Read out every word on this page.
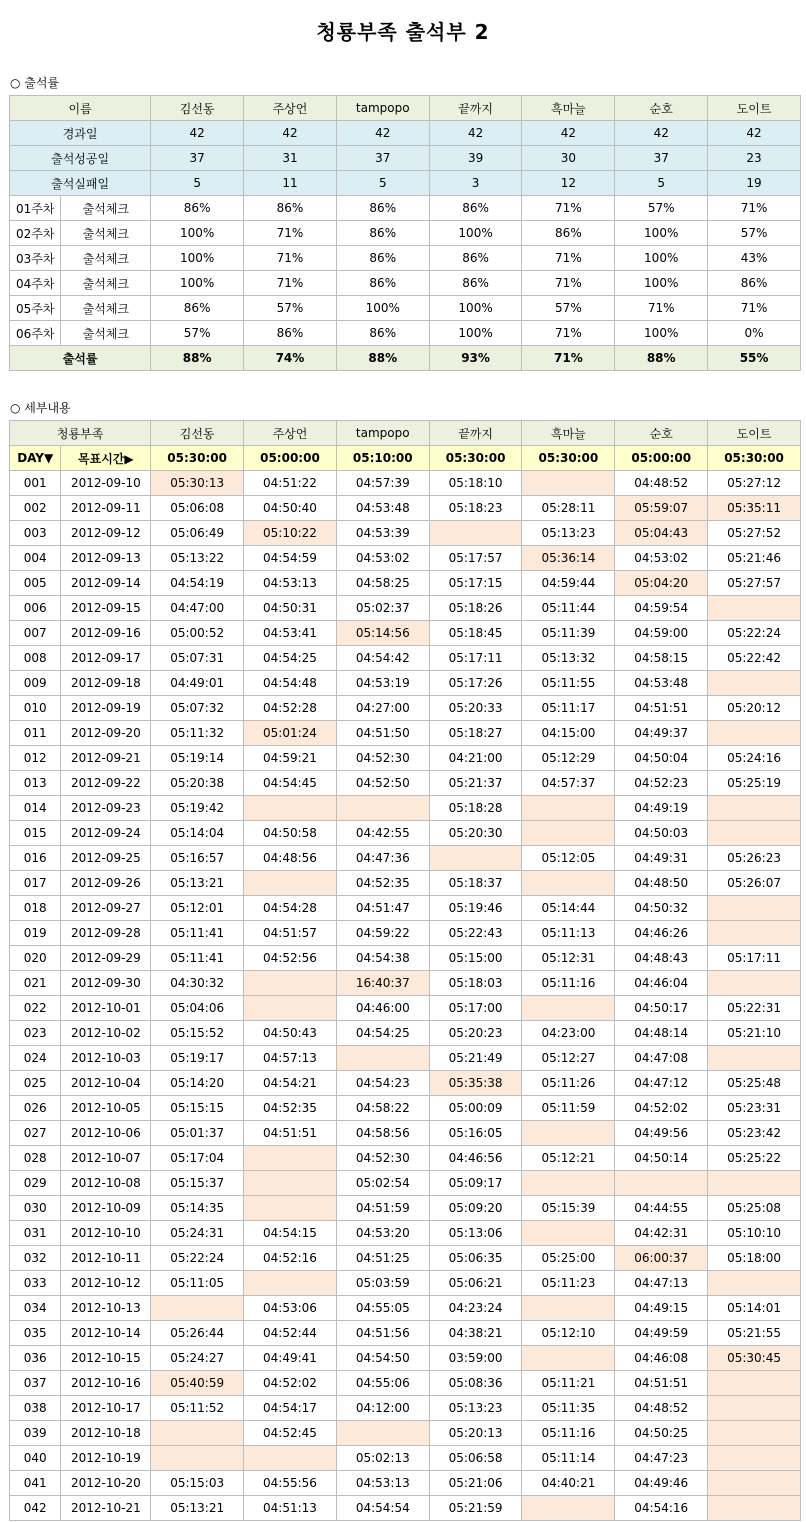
청룡부족 출석부 2
○ 출석률
이름		김선동	주상언	tampopo	끝까지	흑마늘	순호	도이트
경과일		42	42	42	42	42	42	42
출석성공일		37	31	37	39	30	37	23
출석실패일		5	11	5	3	12	5	19
01주차	출석체크	86%	86%	86%	86%	71%	57%	71%
02주차	출석체크	100%	71%	86%	100%	86%	100%	57%
03주차	출석체크	100%	71%	86%	86%	71%	100%	43%
04주차	출석체크	100%	71%	86%	86%	71%	100%	86%
05주차	출석체크	86%	57%	100%	100%	57%	71%	71%
06주차	출석체크	57%	86%	86%	100%	71%	100%	0%
출석률		88%	74%	88%	93%	71%	88%	55%
○ 세부내용
청룡부족		김선동	주상언	tampopo	끝까지	흑마늘	순호	도이트
DAY▼	목표시간▶	05:30:00	05:00:00	05:10:00	05:30:00	05:30:00	05:00:00	05:30:00
001	2012-09-10	05:30:13	04:51:22	04:57:39	05:18:10		04:48:52	05:27:12
002	2012-09-11	05:06:08	04:50:40	04:53:48	05:18:23	05:28:11	05:59:07	05:35:11
003	2012-09-12	05:06:49	05:10:22	04:53:39		05:13:23	05:04:43	05:27:52
004	2012-09-13	05:13:22	04:54:59	04:53:02	05:17:57	05:36:14	04:53:02	05:21:46
005	2012-09-14	04:54:19	04:53:13	04:58:25	05:17:15	04:59:44	05:04:20	05:27:57
006	2012-09-15	04:47:00	04:50:31	05:02:37	05:18:26	05:11:44	04:59:54	
007	2012-09-16	05:00:52	04:53:41	05:14:56	05:18:45	05:11:39	04:59:00	05:22:24
008	2012-09-17	05:07:31	04:54:25	04:54:42	05:17:11	05:13:32	04:58:15	05:22:42
009	2012-09-18	04:49:01	04:54:48	04:53:19	05:17:26	05:11:55	04:53:48	
010	2012-09-19	05:07:32	04:52:28	04:27:00	05:20:33	05:11:17	04:51:51	05:20:12
011	2012-09-20	05:11:32	05:01:24	04:51:50	05:18:27	04:15:00	04:49:37	
012	2012-09-21	05:19:14	04:59:21	04:52:30	04:21:00	05:12:29	04:50:04	05:24:16
013	2012-09-22	05:20:38	04:54:45	04:52:50	05:21:37	04:57:37	04:52:23	05:25:19
014	2012-09-23	05:19:42			05:18:28		04:49:19	
015	2012-09-24	05:14:04	04:50:58	04:42:55	05:20:30		04:50:03	
016	2012-09-25	05:16:57	04:48:56	04:47:36		05:12:05	04:49:31	05:26:23
017	2012-09-26	05:13:21		04:52:35	05:18:37		04:48:50	05:26:07
018	2012-09-27	05:12:01	04:54:28	04:51:47	05:19:46	05:14:44	04:50:32	
019	2012-09-28	05:11:41	04:51:57	04:59:22	05:22:43	05:11:13	04:46:26	
020	2012-09-29	05:11:41	04:52:56	04:54:38	05:15:00	05:12:31	04:48:43	05:17:11
021	2012-09-30	04:30:32		16:40:37	05:18:03	05:11:16	04:46:04	
022	2012-10-01	05:04:06		04:46:00	05:17:00		04:50:17	05:22:31
023	2012-10-02	05:15:52	04:50:43	04:54:25	05:20:23	04:23:00	04:48:14	05:21:10
024	2012-10-03	05:19:17	04:57:13		05:21:49	05:12:27	04:47:08	
025	2012-10-04	05:14:20	04:54:21	04:54:23	05:35:38	05:11:26	04:47:12	05:25:48
026	2012-10-05	05:15:15	04:52:35	04:58:22	05:00:09	05:11:59	04:52:02	05:23:31
027	2012-10-06	05:01:37	04:51:51	04:58:56	05:16:05		04:49:56	05:23:42
028	2012-10-07	05:17:04		04:52:30	04:46:56	05:12:21	04:50:14	05:25:22
029	2012-10-08	05:15:37		05:02:54	05:09:17			
030	2012-10-09	05:14:35		04:51:59	05:09:20	05:15:39	04:44:55	05:25:08
031	2012-10-10	05:24:31	04:54:15	04:53:20	05:13:06		04:42:31	05:10:10
032	2012-10-11	05:22:24	04:52:16	04:51:25	05:06:35	05:25:00	06:00:37	05:18:00
033	2012-10-12	05:11:05		05:03:59	05:06:21	05:11:23	04:47:13	
034	2012-10-13		04:53:06	04:55:05	04:23:24		04:49:15	05:14:01
035	2012-10-14	05:26:44	04:52:44	04:51:56	04:38:21	05:12:10	04:49:59	05:21:55
036	2012-10-15	05:24:27	04:49:41	04:54:50	03:59:00		04:46:08	05:30:45
037	2012-10-16	05:40:59	04:52:02	04:55:06	05:08:36	05:11:21	04:51:51	
038	2012-10-17	05:11:52	04:54:17	04:12:00	05:13:23	05:11:35	04:48:52	
039	2012-10-18		04:52:45		05:20:13	05:11:16	04:50:25	
040	2012-10-19			05:02:13	05:06:58	05:11:14	04:47:23	
041	2012-10-20	05:15:03	04:55:56	04:53:13	05:21:06	04:40:21	04:49:46	
042	2012-10-21	05:13:21	04:51:13	04:54:54	05:21:59		04:54:16	
